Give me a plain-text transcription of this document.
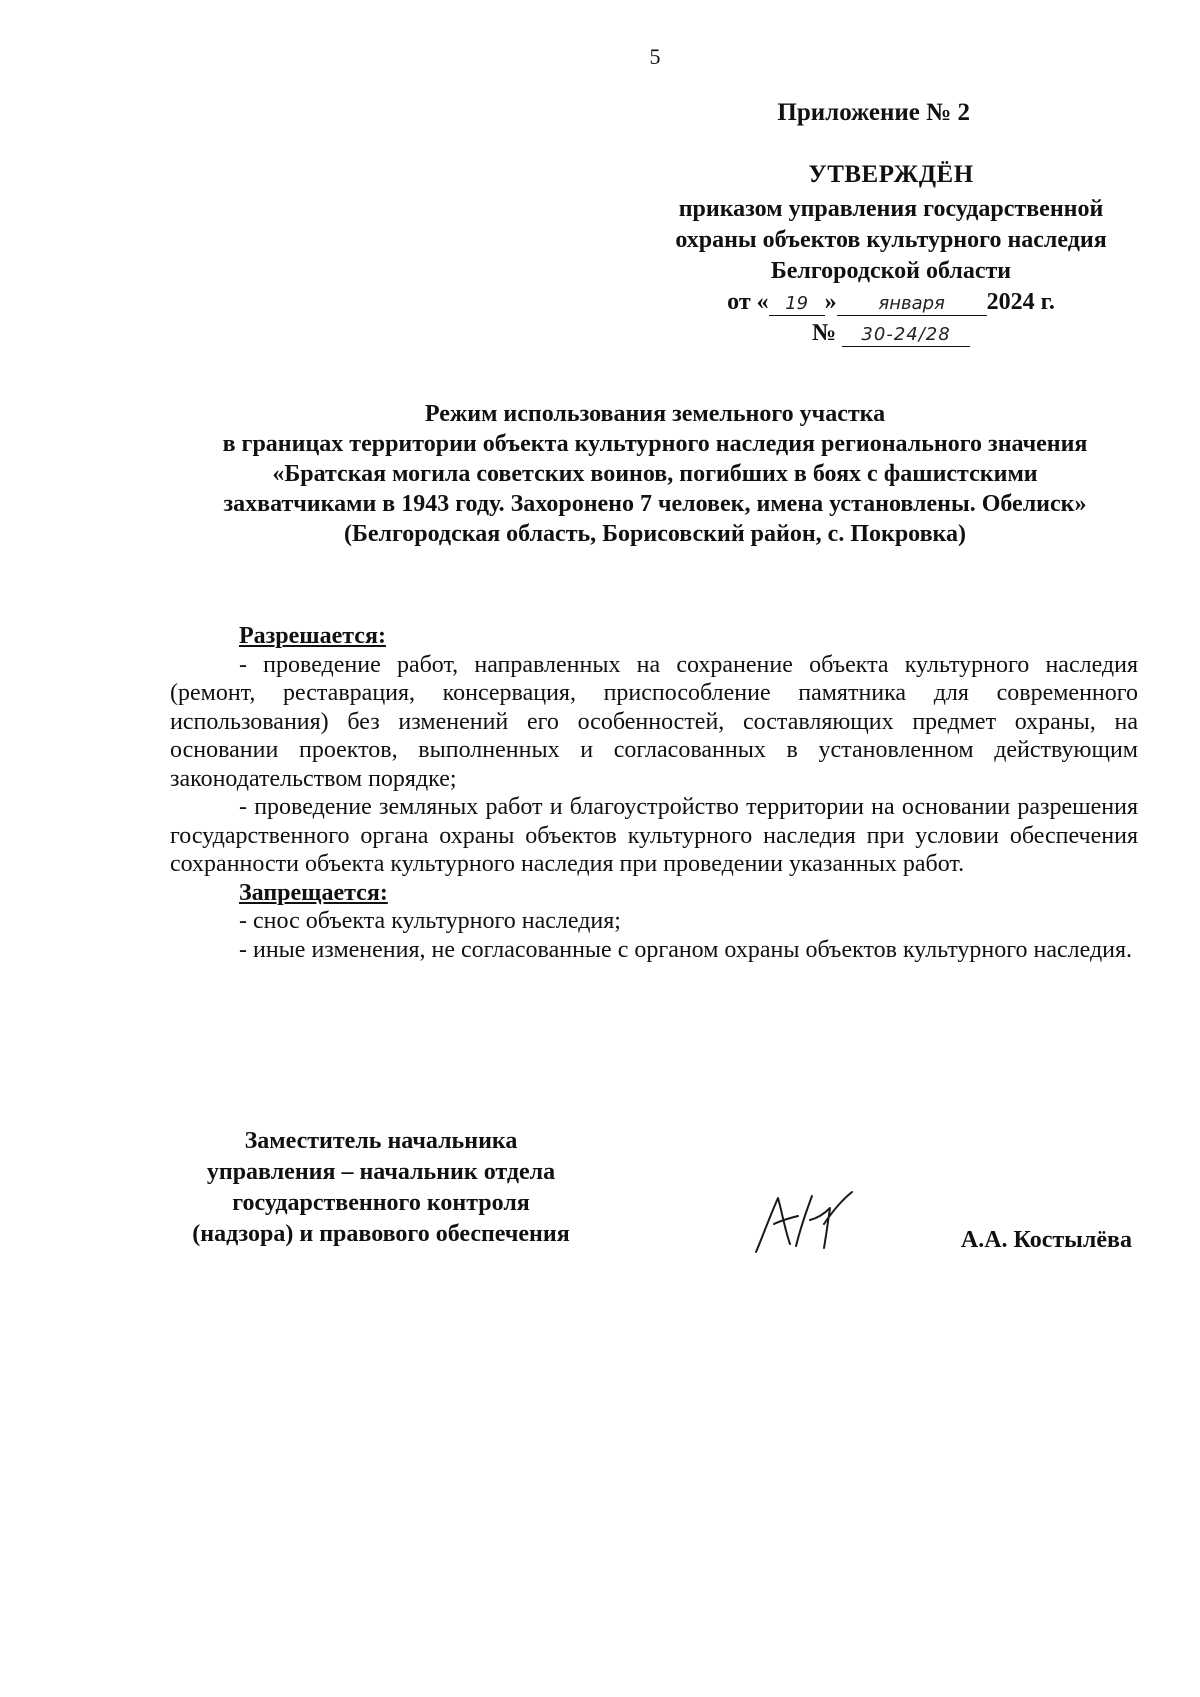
5
Приложение № 2
УТВЕРЖДЁН
приказом управления государственной
охраны объектов культурного наследия
Белгородской области
от « 19 » января 2024 г.
№ 30-24/28
Режим использования земельного участка
в границах территории объекта культурного наследия регионального значения
«Братская могила советских воинов, погибших в боях с фашистскими
захватчиками в 1943 году. Захоронено 7 человек, имена установлены. Обелиск»
(Белгородская область, Борисовский район, с. Покровка)

Разрешается:

- проведение работ, направленных на сохранение объекта культурного наследия (ремонт, реставрация, консервация, приспособление памятника для современного использования) без изменений его особенностей, составляющих предмет охраны, на основании проектов, выполненных и согласованных в установленном действующим законодательством порядке;

- проведение земляных работ и благоустройство территории на основании разрешения государственного органа охраны объектов культурного наследия при условии обеспечения сохранности объекта культурного наследия при проведении указанных работ.

Запрещается:

- снос объекта культурного наследия;

- иные изменения, не согласованные с органом охраны объектов культурного наследия.

Заместитель начальника
управления – начальник отдела
государственного контроля
(надзора) и правового обеспечения	А.А. Костылёва
